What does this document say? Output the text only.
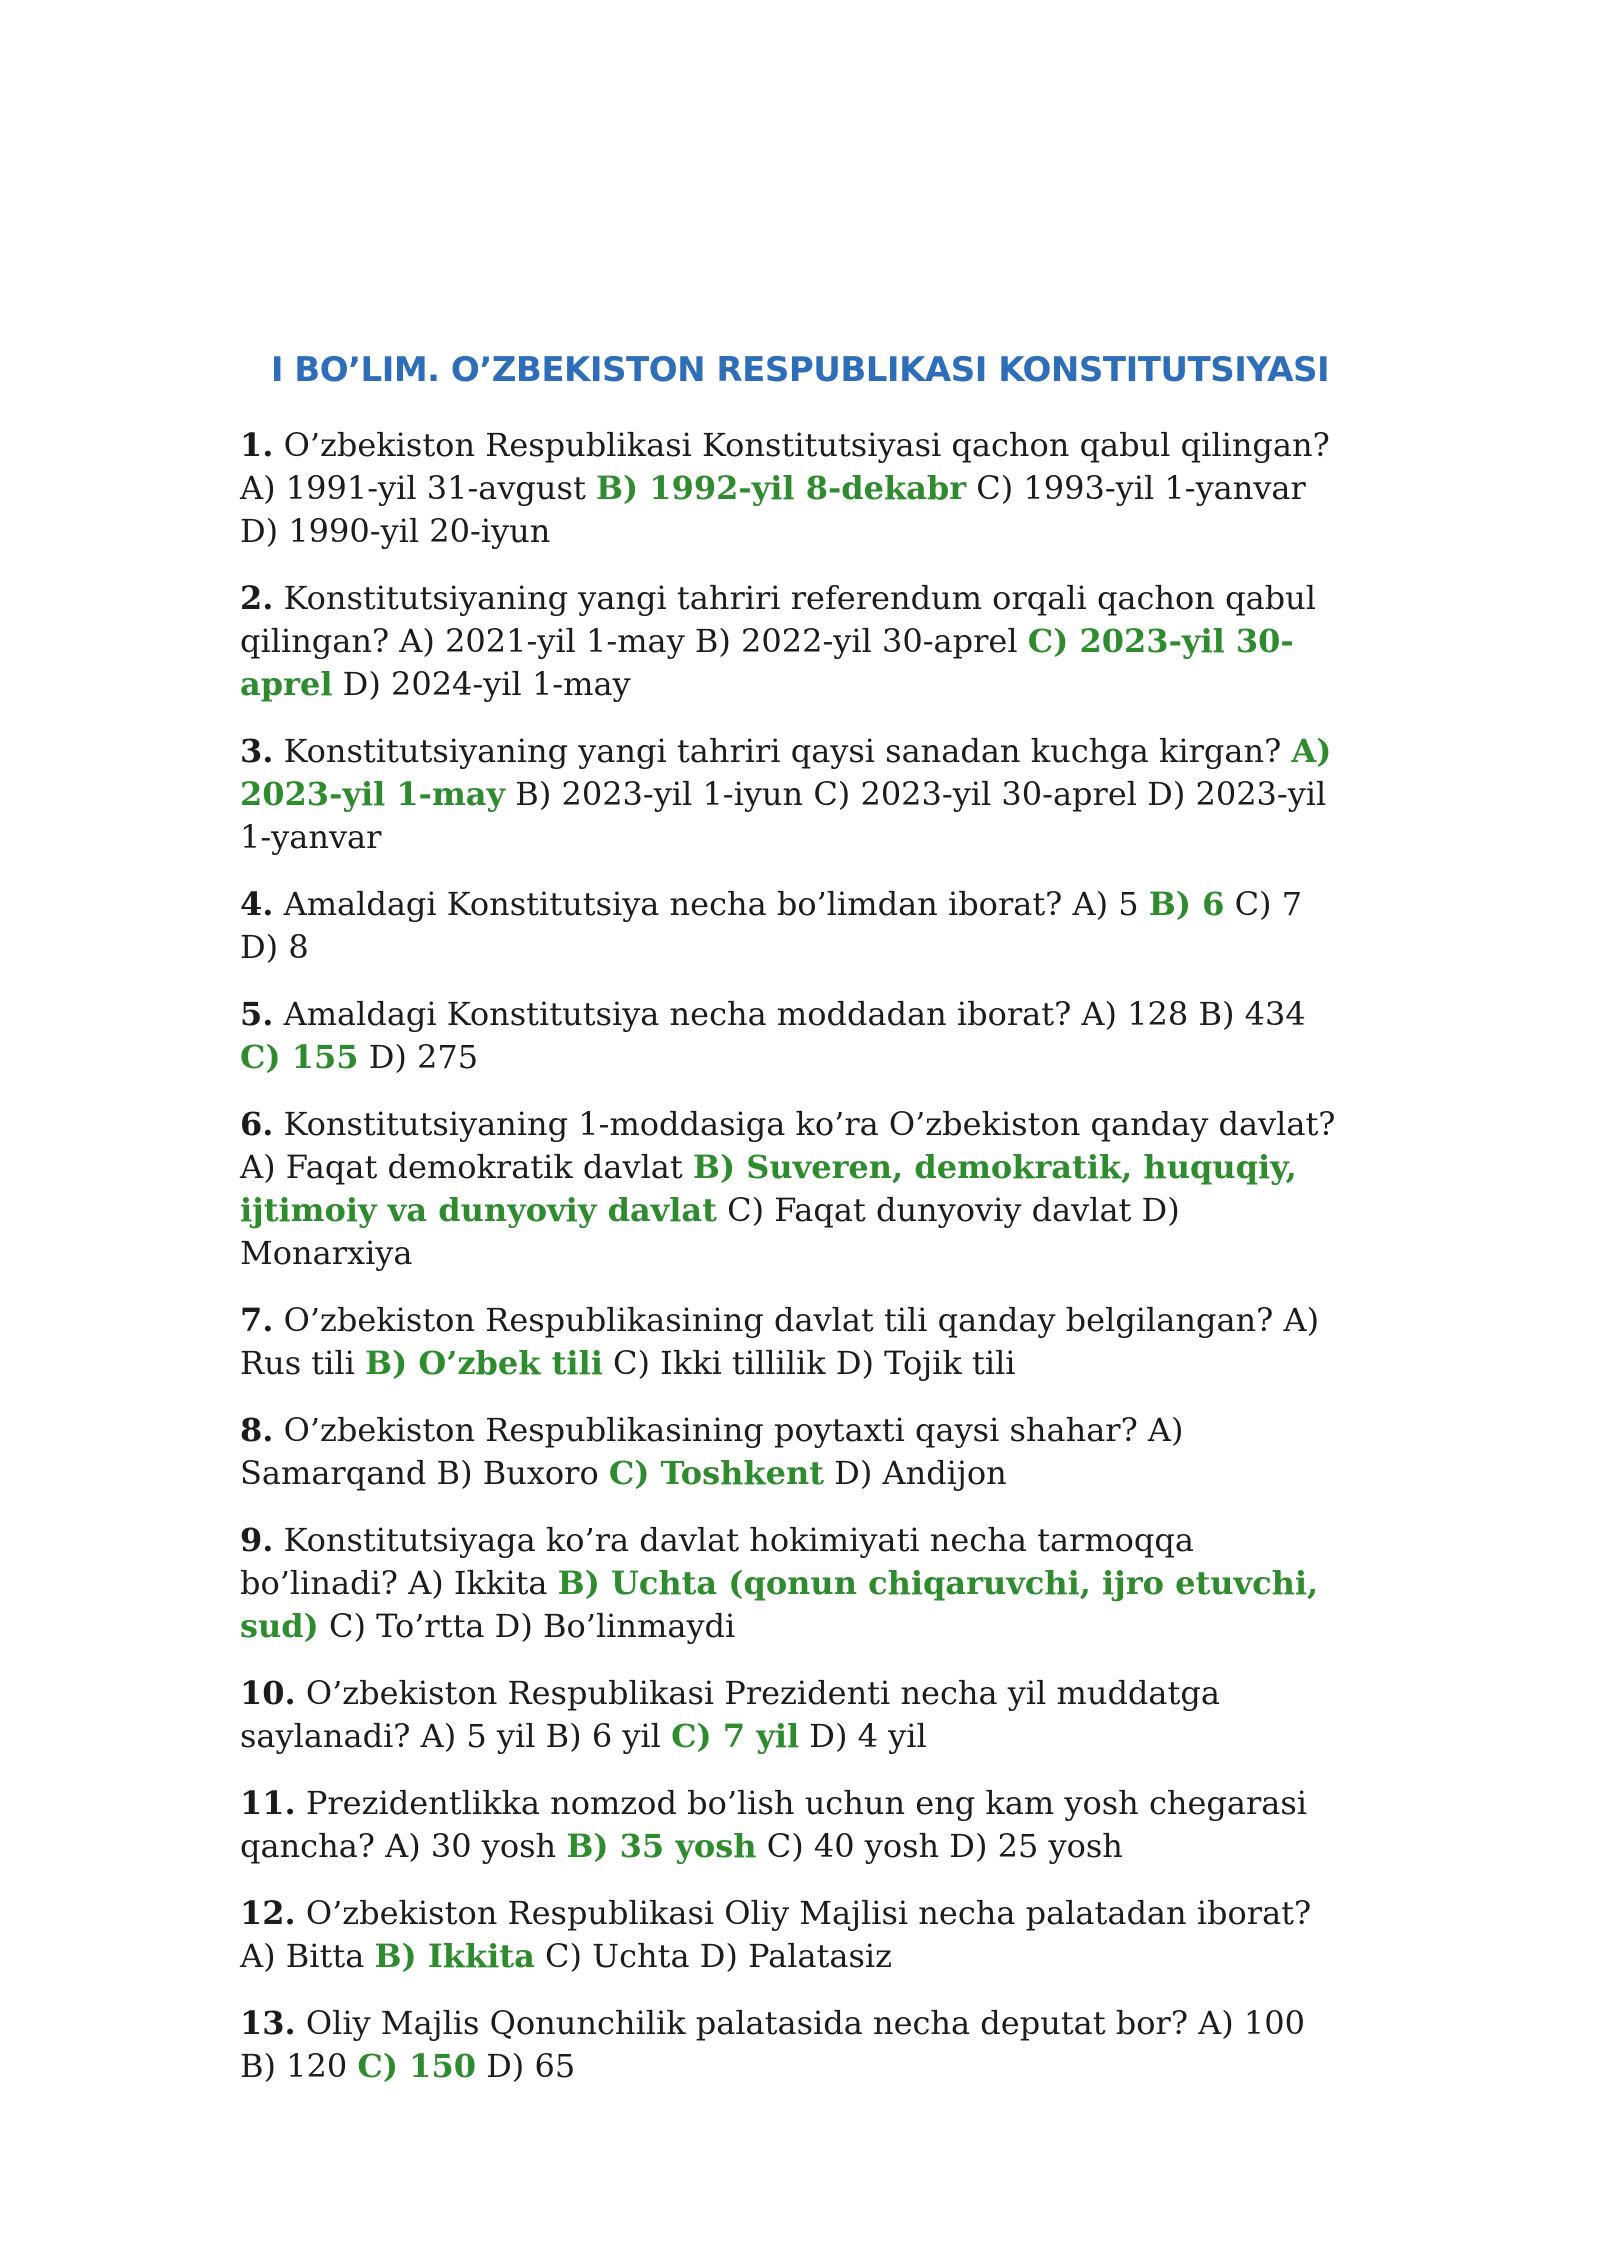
I BO’LIM. O’ZBEKISTON RESPUBLIKASI KONSTITUTSIYASI
1. O’zbekiston Respublikasi Konstitutsiyasi qachon qabul qilingan? A) 1991-yil 31-avgust B) 1992-yil 8-dekabr C) 1993-yil 1-yanvar D) 1990-yil 20-iyun
2. Konstitutsiyaning yangi tahriri referendum orqali qachon qabul qilingan? A) 2021-yil 1-may B) 2022-yil 30-aprel C) 2023-yil 30-aprel D) 2024-yil 1-may
3. Konstitutsiyaning yangi tahriri qaysi sanadan kuchga kirgan? A) 2023-yil 1-may B) 2023-yil 1-iyun C) 2023-yil 30-aprel D) 2023-yil 1-yanvar
4. Amaldagi Konstitutsiya necha bo’limdan iborat? A) 5 B) 6 C) 7 D) 8
5. Amaldagi Konstitutsiya necha moddadan iborat? A) 128 B) 434 C) 155 D) 275
6. Konstitutsiyaning 1-moddasiga ko’ra O’zbekiston qanday davlat? A) Faqat demokratik davlat B) Suveren, demokratik, huquqiy, ijtimoiy va dunyoviy davlat C) Faqat dunyoviy davlat D) Monarxiya
7. O’zbekiston Respublikasining davlat tili qanday belgilangan? A) Rus tili B) O’zbek tili C) Ikki tillilik D) Tojik tili
8. O’zbekiston Respublikasining poytaxti qaysi shahar? A) Samarqand B) Buxoro C) Toshkent D) Andijon
9. Konstitutsiyaga ko’ra davlat hokimiyati necha tarmoqqa bo’linadi? A) Ikkita B) Uchta (qonun chiqaruvchi, ijro etuvchi, sud) C) To’rtta D) Bo’linmaydi
10. O’zbekiston Respublikasi Prezidenti necha yil muddatga saylanadi? A) 5 yil B) 6 yil C) 7 yil D) 4 yil
11. Prezidentlikka nomzod bo’lish uchun eng kam yosh chegarasi qancha? A) 30 yosh B) 35 yosh C) 40 yosh D) 25 yosh
12. O’zbekiston Respublikasi Oliy Majlisi necha palatadan iborat? A) Bitta B) Ikkita C) Uchta D) Palatasiz
13. Oliy Majlis Qonunchilik palatasida necha deputat bor? A) 100 B) 120 C) 150 D) 65
